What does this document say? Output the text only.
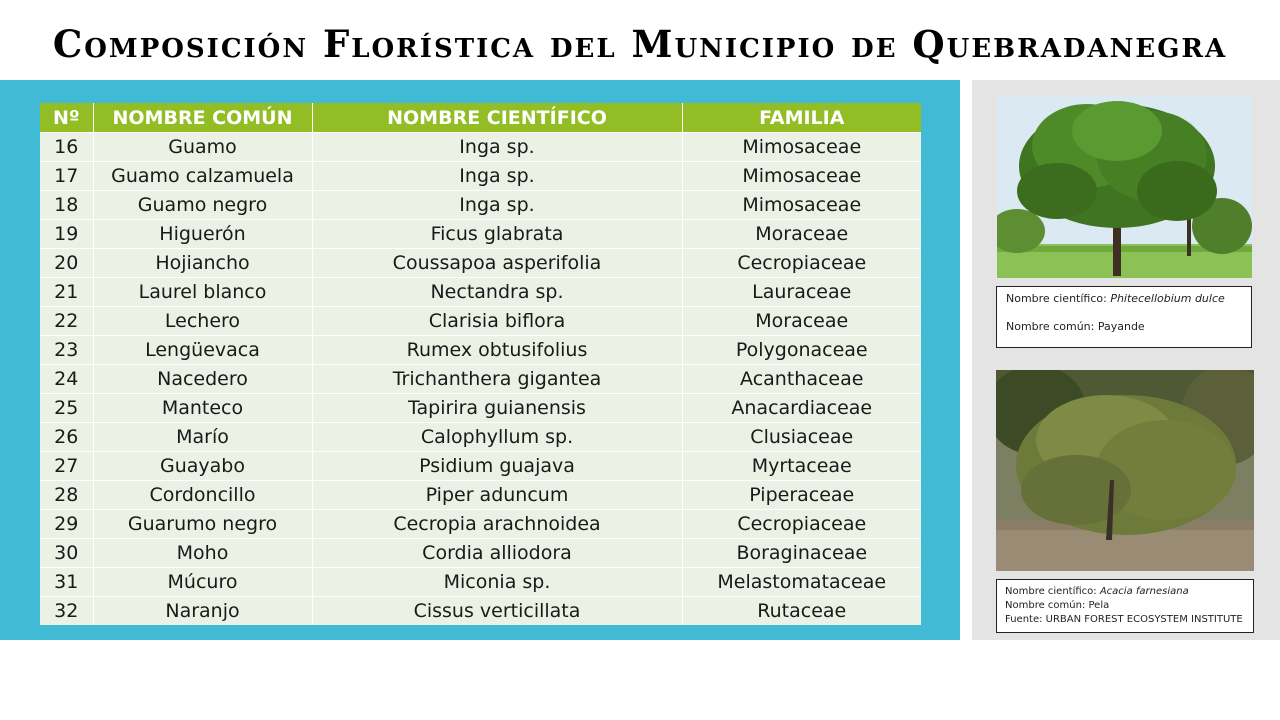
Composición Florística del Municipio de Quebradanegra
Nº	NOMBRE COMÚN	NOMBRE CIENTÍFICO	FAMILIA
16	Guamo	Inga sp.	Mimosaceae
17	Guamo calzamuela	Inga sp.	Mimosaceae
18	Guamo negro	Inga sp.	Mimosaceae
19	Higuerón	Ficus glabrata	Moraceae
20	Hojiancho	Coussapoa asperifolia	Cecropiaceae
21	Laurel blanco	Nectandra sp.	Lauraceae
22	Lechero	Clarisia biflora	Moraceae
23	Lengüevaca	Rumex obtusifolius	Polygonaceae
24	Nacedero	Trichanthera gigantea	Acanthaceae
25	Manteco	Tapirira guianensis	Anacardiaceae
26	Marío	Calophyllum sp.	Clusiaceae
27	Guayabo	Psidium guajava	Myrtaceae
28	Cordoncillo	Piper aduncum	Piperaceae
29	Guarumo negro	Cecropia arachnoidea	Cecropiaceae
30	Moho	Cordia alliodora	Boraginaceae
31	Múcuro	Miconia sp.	Melastomataceae
32	Naranjo	Cissus verticillata	Rutaceae
Nombre científico: Phitecellobium dulce
Nombre común: Payande
Nombre científico: Acacia farnesiana
Nombre común: Pela
Fuente: URBAN FOREST ECOSYSTEM INSTITUTE
